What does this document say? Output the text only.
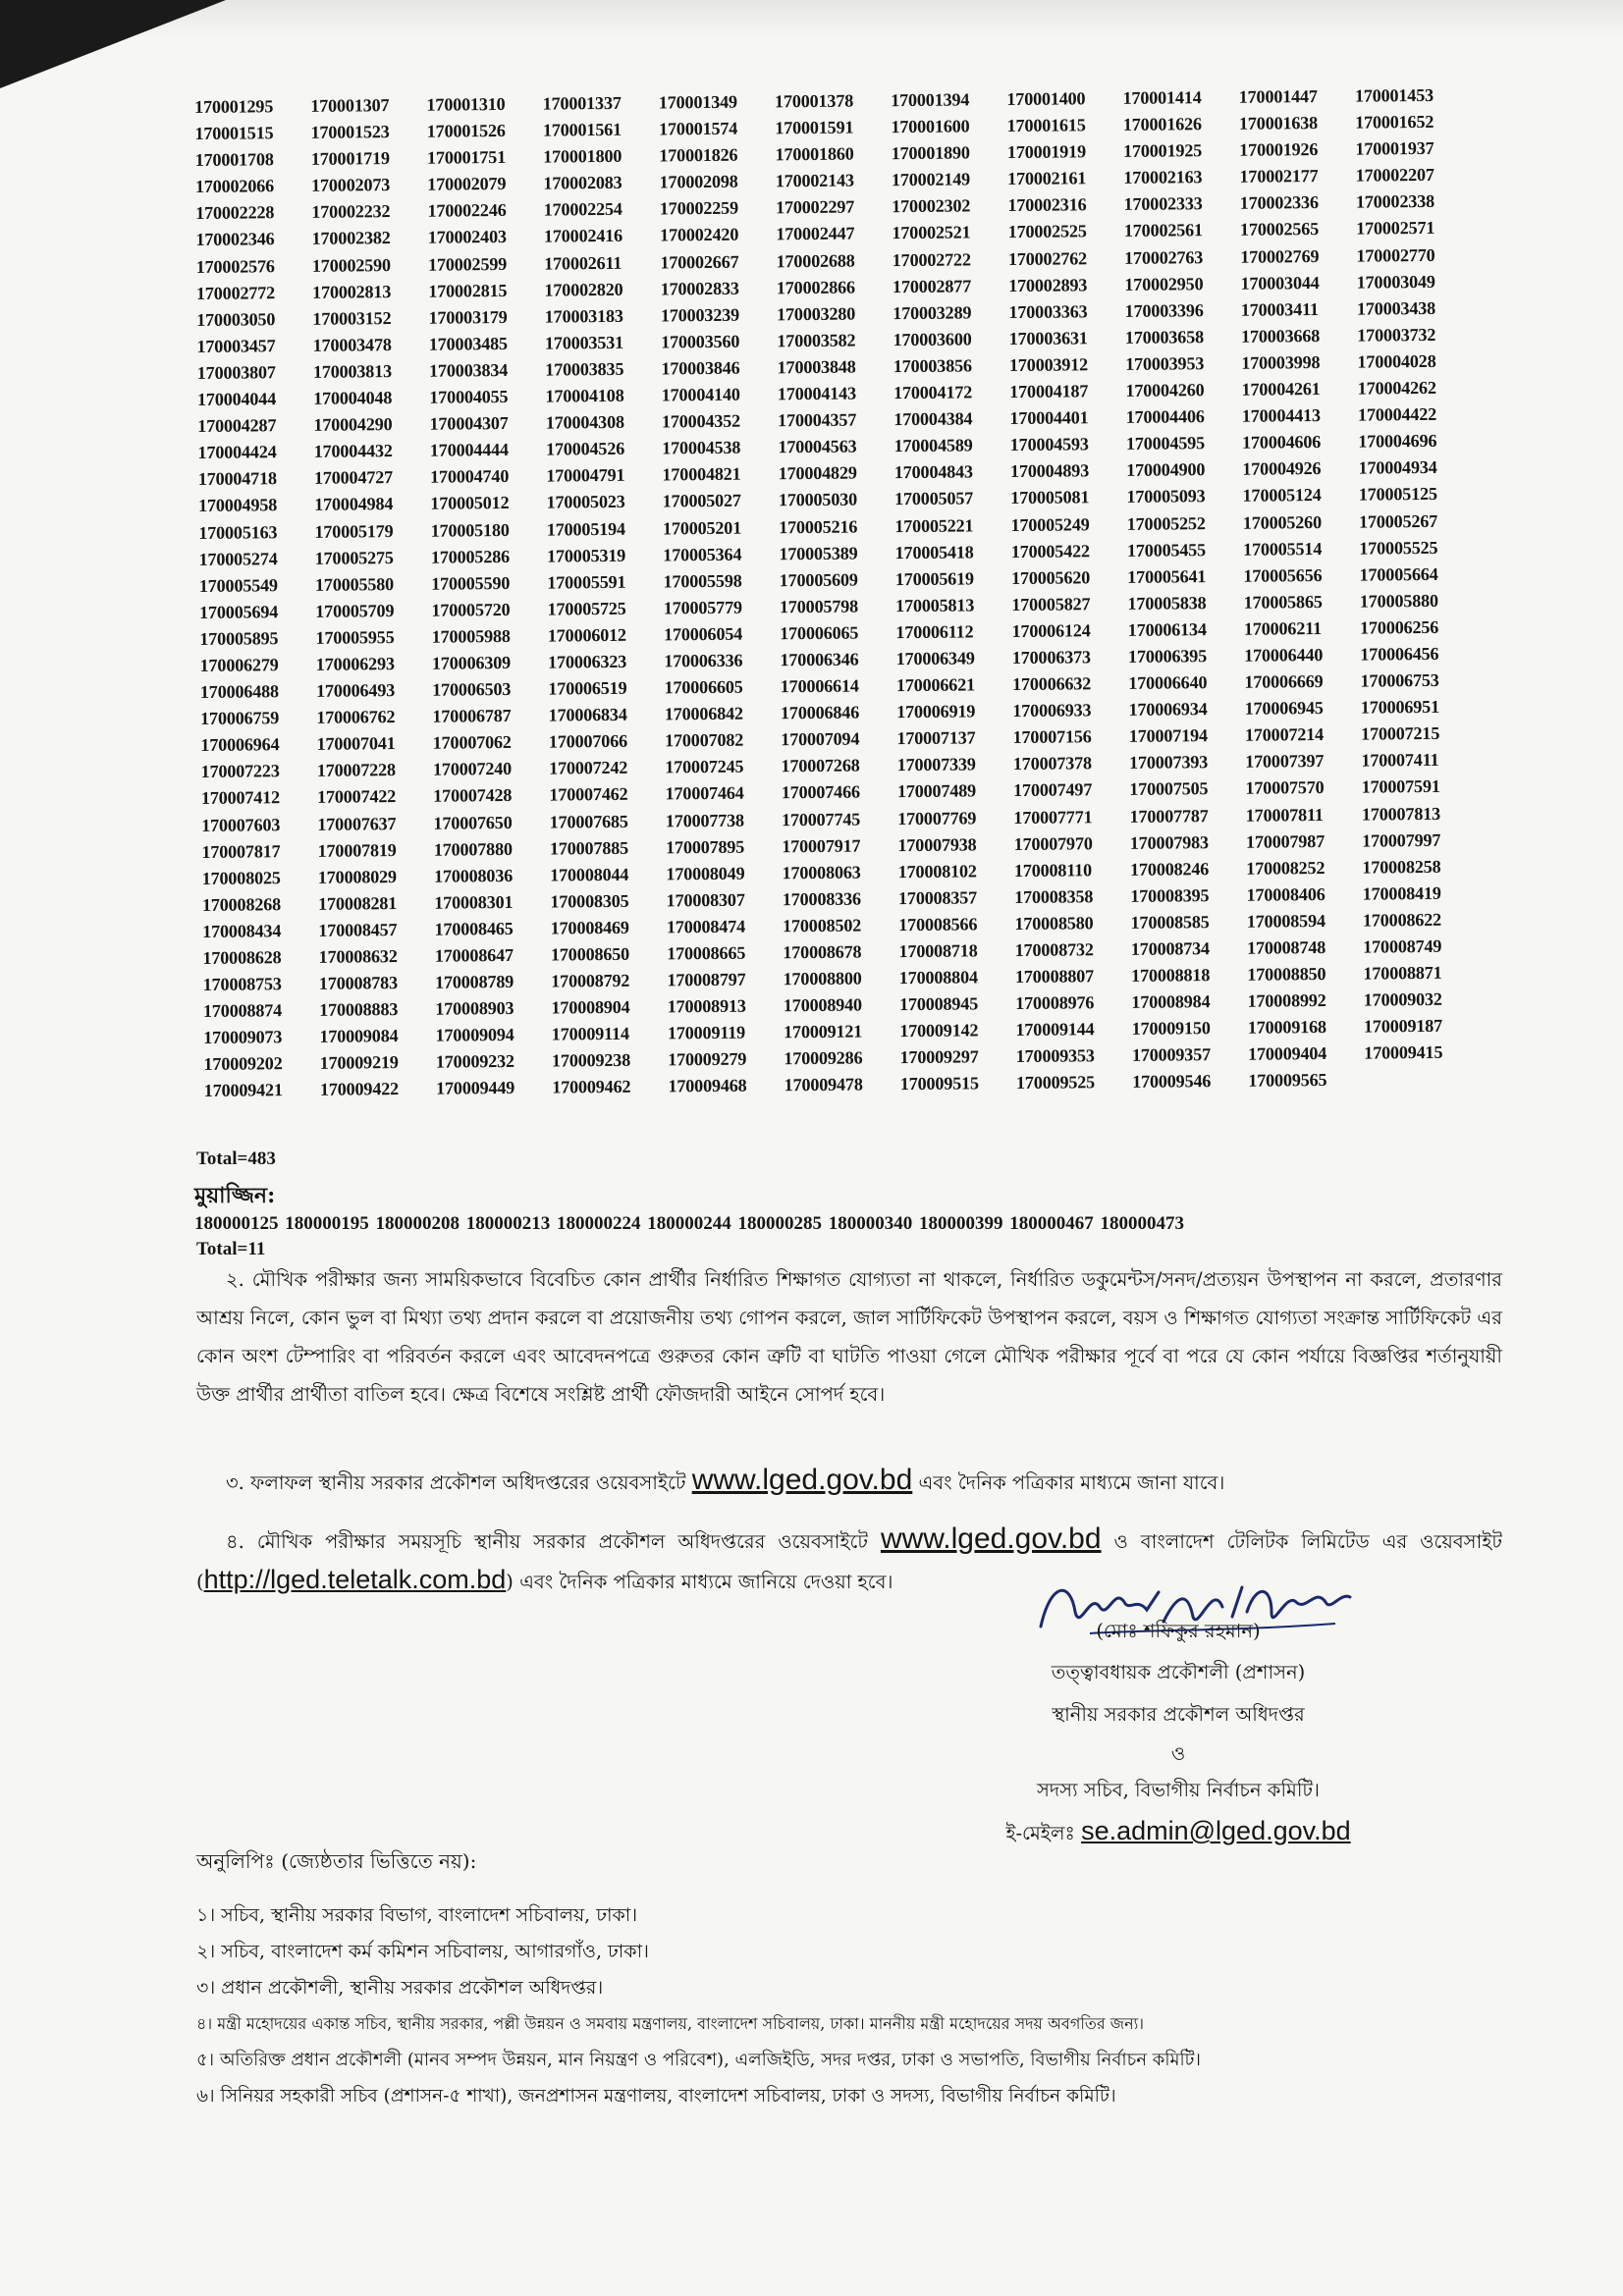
170001295	170001307	170001310	170001337	170001349	170001378	170001394	170001400	170001414	170001447	170001453
170001515	170001523	170001526	170001561	170001574	170001591	170001600	170001615	170001626	170001638	170001652
170001708	170001719	170001751	170001800	170001826	170001860	170001890	170001919	170001925	170001926	170001937
170002066	170002073	170002079	170002083	170002098	170002143	170002149	170002161	170002163	170002177	170002207
170002228	170002232	170002246	170002254	170002259	170002297	170002302	170002316	170002333	170002336	170002338
170002346	170002382	170002403	170002416	170002420	170002447	170002521	170002525	170002561	170002565	170002571
170002576	170002590	170002599	170002611	170002667	170002688	170002722	170002762	170002763	170002769	170002770
170002772	170002813	170002815	170002820	170002833	170002866	170002877	170002893	170002950	170003044	170003049
170003050	170003152	170003179	170003183	170003239	170003280	170003289	170003363	170003396	170003411	170003438
170003457	170003478	170003485	170003531	170003560	170003582	170003600	170003631	170003658	170003668	170003732
170003807	170003813	170003834	170003835	170003846	170003848	170003856	170003912	170003953	170003998	170004028
170004044	170004048	170004055	170004108	170004140	170004143	170004172	170004187	170004260	170004261	170004262
170004287	170004290	170004307	170004308	170004352	170004357	170004384	170004401	170004406	170004413	170004422
170004424	170004432	170004444	170004526	170004538	170004563	170004589	170004593	170004595	170004606	170004696
170004718	170004727	170004740	170004791	170004821	170004829	170004843	170004893	170004900	170004926	170004934
170004958	170004984	170005012	170005023	170005027	170005030	170005057	170005081	170005093	170005124	170005125
170005163	170005179	170005180	170005194	170005201	170005216	170005221	170005249	170005252	170005260	170005267
170005274	170005275	170005286	170005319	170005364	170005389	170005418	170005422	170005455	170005514	170005525
170005549	170005580	170005590	170005591	170005598	170005609	170005619	170005620	170005641	170005656	170005664
170005694	170005709	170005720	170005725	170005779	170005798	170005813	170005827	170005838	170005865	170005880
170005895	170005955	170005988	170006012	170006054	170006065	170006112	170006124	170006134	170006211	170006256
170006279	170006293	170006309	170006323	170006336	170006346	170006349	170006373	170006395	170006440	170006456
170006488	170006493	170006503	170006519	170006605	170006614	170006621	170006632	170006640	170006669	170006753
170006759	170006762	170006787	170006834	170006842	170006846	170006919	170006933	170006934	170006945	170006951
170006964	170007041	170007062	170007066	170007082	170007094	170007137	170007156	170007194	170007214	170007215
170007223	170007228	170007240	170007242	170007245	170007268	170007339	170007378	170007393	170007397	170007411
170007412	170007422	170007428	170007462	170007464	170007466	170007489	170007497	170007505	170007570	170007591
170007603	170007637	170007650	170007685	170007738	170007745	170007769	170007771	170007787	170007811	170007813
170007817	170007819	170007880	170007885	170007895	170007917	170007938	170007970	170007983	170007987	170007997
170008025	170008029	170008036	170008044	170008049	170008063	170008102	170008110	170008246	170008252	170008258
170008268	170008281	170008301	170008305	170008307	170008336	170008357	170008358	170008395	170008406	170008419
170008434	170008457	170008465	170008469	170008474	170008502	170008566	170008580	170008585	170008594	170008622
170008628	170008632	170008647	170008650	170008665	170008678	170008718	170008732	170008734	170008748	170008749
170008753	170008783	170008789	170008792	170008797	170008800	170008804	170008807	170008818	170008850	170008871
170008874	170008883	170008903	170008904	170008913	170008940	170008945	170008976	170008984	170008992	170009032
170009073	170009084	170009094	170009114	170009119	170009121	170009142	170009144	170009150	170009168	170009187
170009202	170009219	170009232	170009238	170009279	170009286	170009297	170009353	170009357	170009404	170009415
170009421	170009422	170009449	170009462	170009468	170009478	170009515	170009525	170009546	170009565
Total=483
মুয়াজ্জিন:
180000125 180000195 180000208 180000213 180000224 180000244 180000285 180000340 180000399 180000467 180000473
Total=11
২. মৌখিক পরীক্ষার জন্য সাময়িকভাবে বিবেচিত কোন প্রার্থীর নির্ধারিত শিক্ষাগত যোগ্যতা না থাকলে, নির্ধারিত ডকুমেন্টস/সনদ/প্রত্যয়ন উপস্থাপন না করলে, প্রতারণার আশ্রয় নিলে, কোন ভুল বা মিথ্যা তথ্য প্রদান করলে বা প্রয়োজনীয় তথ্য গোপন করলে, জাল সার্টিফিকেট উপস্থাপন করলে, বয়স ও শিক্ষাগত যোগ্যতা সংক্রান্ত সার্টিফিকেট এর কোন অংশ টেম্পারিং বা পরিবর্তন করলে এবং আবেদনপত্রে গুরুতর কোন ত্রুটি বা ঘাটতি পাওয়া গেলে মৌখিক পরীক্ষার পূর্বে বা পরে যে কোন পর্যায়ে বিজ্ঞপ্তির শর্তানুযায়ী উক্ত প্রার্থীর প্রার্থীতা বাতিল হবে। ক্ষেত্র বিশেষে সংশ্লিষ্ট প্রার্থী ফৌজদারী আইনে সোপর্দ হবে।
৩. ফলাফল স্থানীয় সরকার প্রকৌশল অধিদপ্তরের ওয়েবসাইটে www.lged.gov.bd এবং দৈনিক পত্রিকার মাধ্যমে জানা যাবে।
৪. মৌখিক পরীক্ষার সময়সূচি স্থানীয় সরকার প্রকৌশল অধিদপ্তরের ওয়েবসাইটে www.lged.gov.bd ও বাংলাদেশ টেলিটক লিমিটেড এর ওয়েবসাইট (http://lged.teletalk.com.bd) এবং দৈনিক পত্রিকার মাধ্যমে জানিয়ে দেওয়া হবে।
(মোঃ শফিকুর রহমান)
তত্ত্বাবধায়ক প্রকৌশলী (প্রশাসন)
স্থানীয় সরকার প্রকৌশল অধিদপ্তর
ও
সদস্য সচিব, বিভাগীয় নির্বাচন কমিটি।
ই-মেইলঃ se.admin@lged.gov.bd
অনুলিপিঃ (জ্যেষ্ঠতার ভিত্তিতে নয়):
১। সচিব, স্থানীয় সরকার বিভাগ, বাংলাদেশ সচিবালয়, ঢাকা।
২। সচিব, বাংলাদেশ কর্ম কমিশন সচিবালয়, আগারগাঁও, ঢাকা।
৩। প্রধান প্রকৌশলী, স্থানীয় সরকার প্রকৌশল অধিদপ্তর।
৪। মন্ত্রী মহোদয়ের একান্ত সচিব, স্থানীয় সরকার, পল্লী উন্নয়ন ও সমবায় মন্ত্রণালয়, বাংলাদেশ সচিবালয়, ঢাকা। মাননীয় মন্ত্রী মহোদয়ের সদয় অবগতির জন্য।
৫। অতিরিক্ত প্রধান প্রকৌশলী (মানব সম্পদ উন্নয়ন, মান নিয়ন্ত্রণ ও পরিবেশ), এলজিইডি, সদর দপ্তর, ঢাকা ও সভাপতি, বিভাগীয় নির্বাচন কমিটি।
৬। সিনিয়র সহকারী সচিব (প্রশাসন-৫ শাখা), জনপ্রশাসন মন্ত্রণালয়, বাংলাদেশ সচিবালয়, ঢাকা ও সদস্য, বিভাগীয় নির্বাচন কমিটি।
